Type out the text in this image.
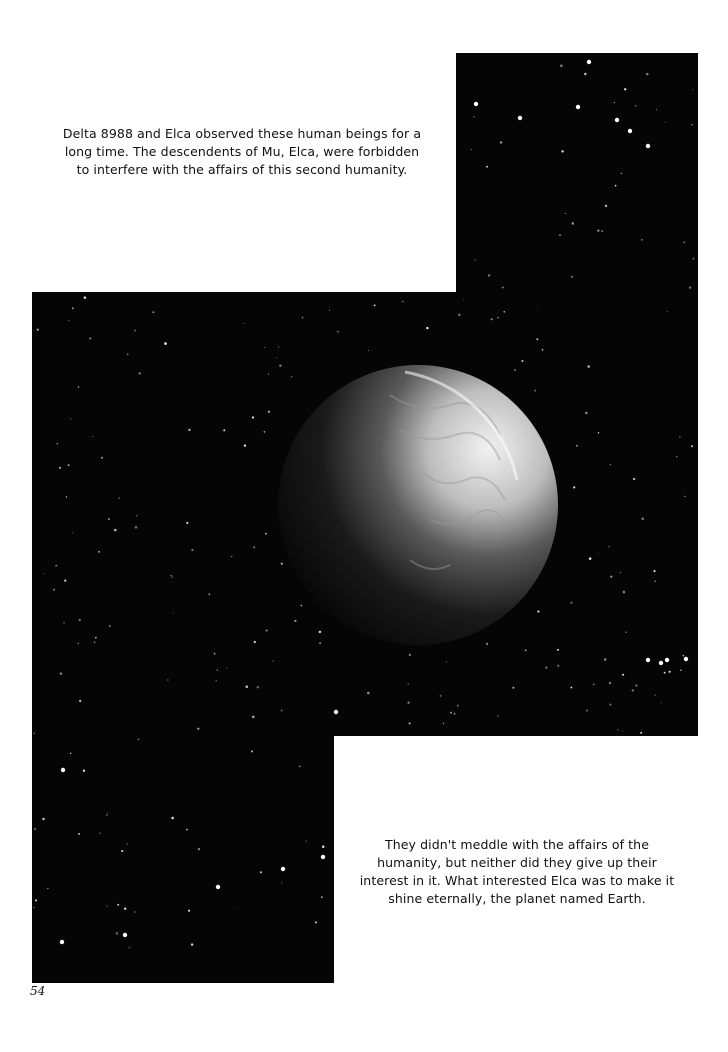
Delta 8988 and Elca observed these human beings for a long time. The descendents of Mu, Elca, were forbidden to interfere with the affairs of this second humanity.
They didn't meddle with the affairs of the humanity, but neither did they give up their interest in it. What interested Elca was to make it shine eternally, the planet named Earth.
54
